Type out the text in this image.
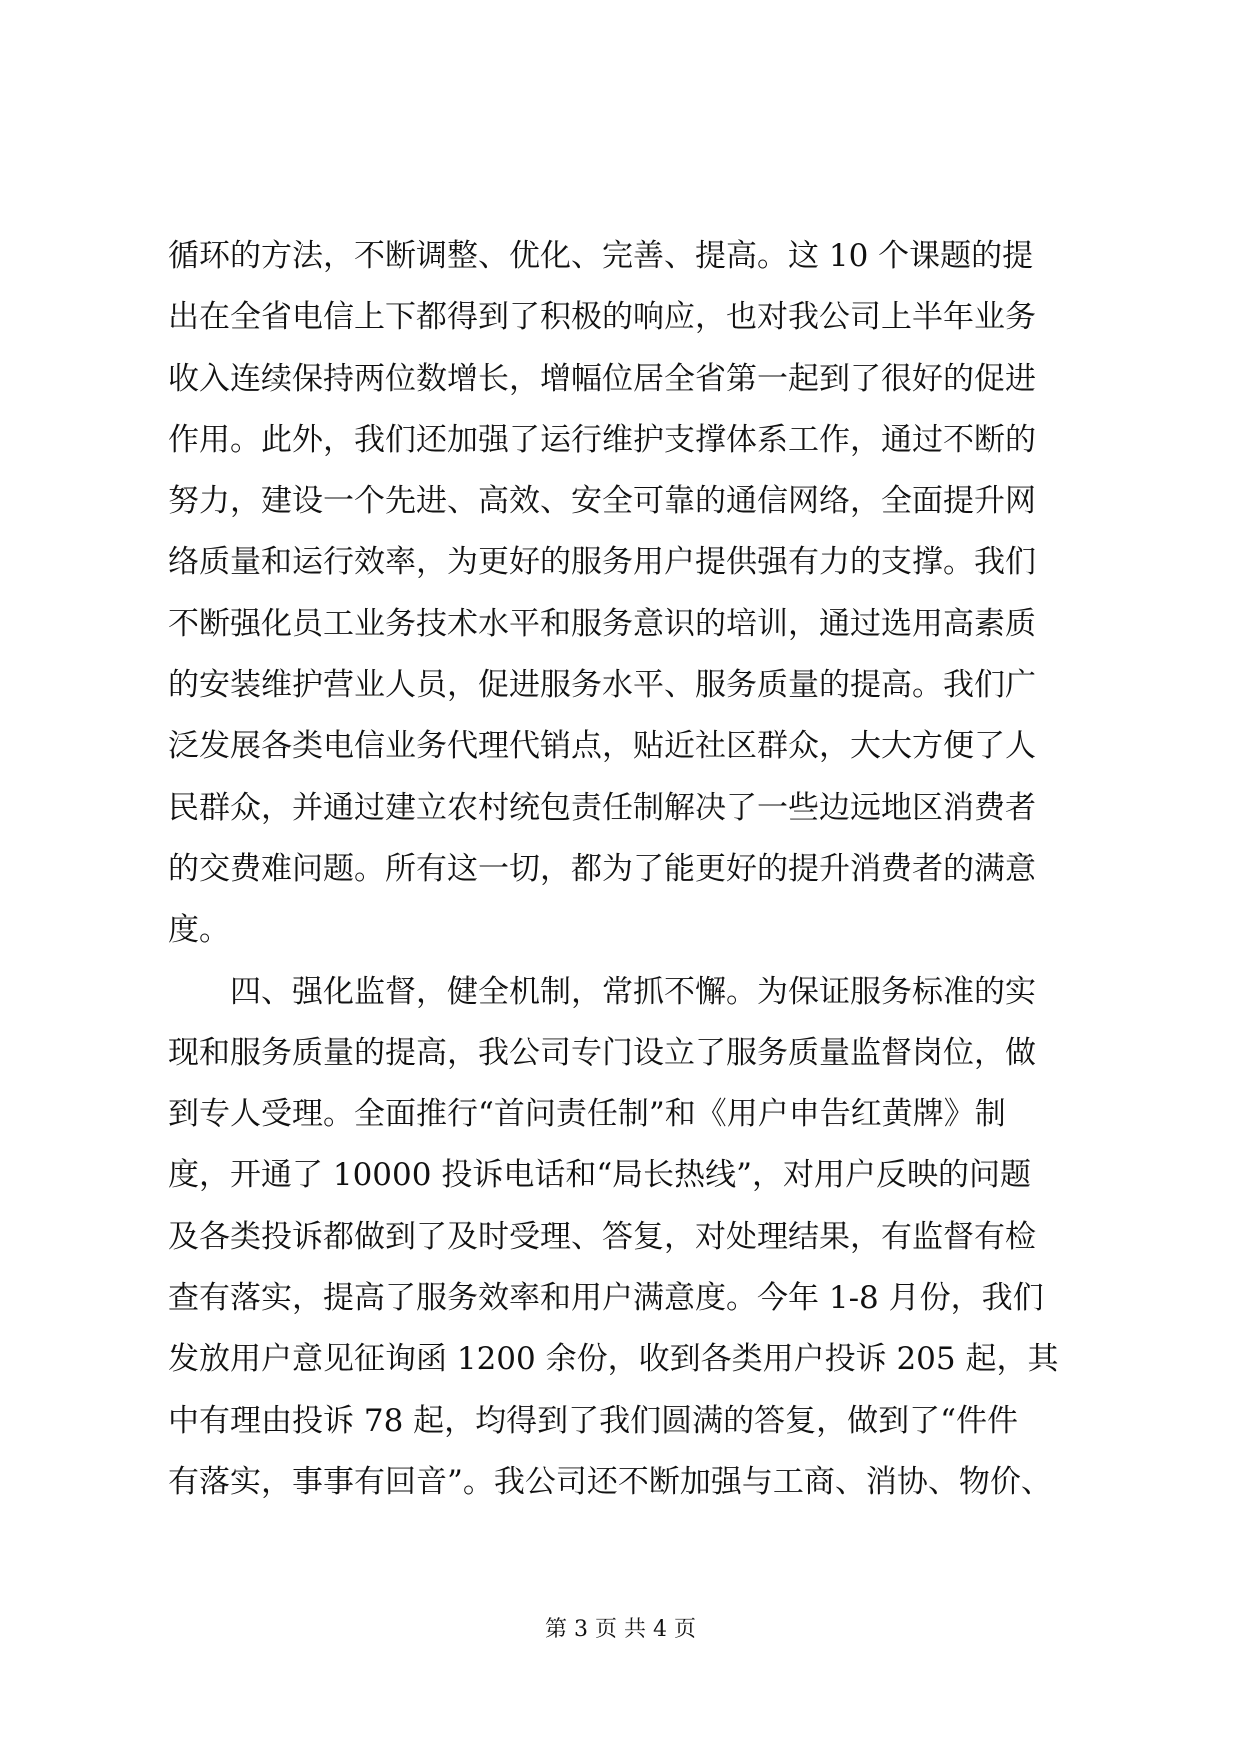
循环的方法，不断调整、优化、完善、提高。这 10 个课题的提
出在全省电信上下都得到了积极的响应，也对我公司上半年业务
收入连续保持两位数增长，增幅位居全省第一起到了很好的促进
作用。此外，我们还加强了运行维护支撑体系工作，通过不断的
努力，建设一个先进、高效、安全可靠的通信网络，全面提升网
络质量和运行效率，为更好的服务用户提供强有力的支撑。我们
不断强化员工业务技术水平和服务意识的培训，通过选用高素质
的安装维护营业人员，促进服务水平、服务质量的提高。我们广
泛发展各类电信业务代理代销点，贴近社区群众，大大方便了人
民群众，并通过建立农村统包责任制解决了一些边远地区消费者
的交费难问题。所有这一切，都为了能更好的提升消费者的满意
度。
四、强化监督，健全机制，常抓不懈。为保证服务标准的实
现和服务质量的提高，我公司专门设立了服务质量监督岗位，做
到专人受理。全面推行“首问责任制”和《用户申告红黄牌》制
度，开通了 10000 投诉电话和“局长热线”，对用户反映的问题
及各类投诉都做到了及时受理、答复，对处理结果，有监督有检
查有落实，提高了服务效率和用户满意度。今年 1-8 月份，我们
发放用户意见征询函 1200 余份，收到各类用户投诉 205 起，其
中有理由投诉 78 起，均得到了我们圆满的答复，做到了“件件
有落实，事事有回音”。我公司还不断加强与工商、消协、物价、
第 3 页 共 4 页
